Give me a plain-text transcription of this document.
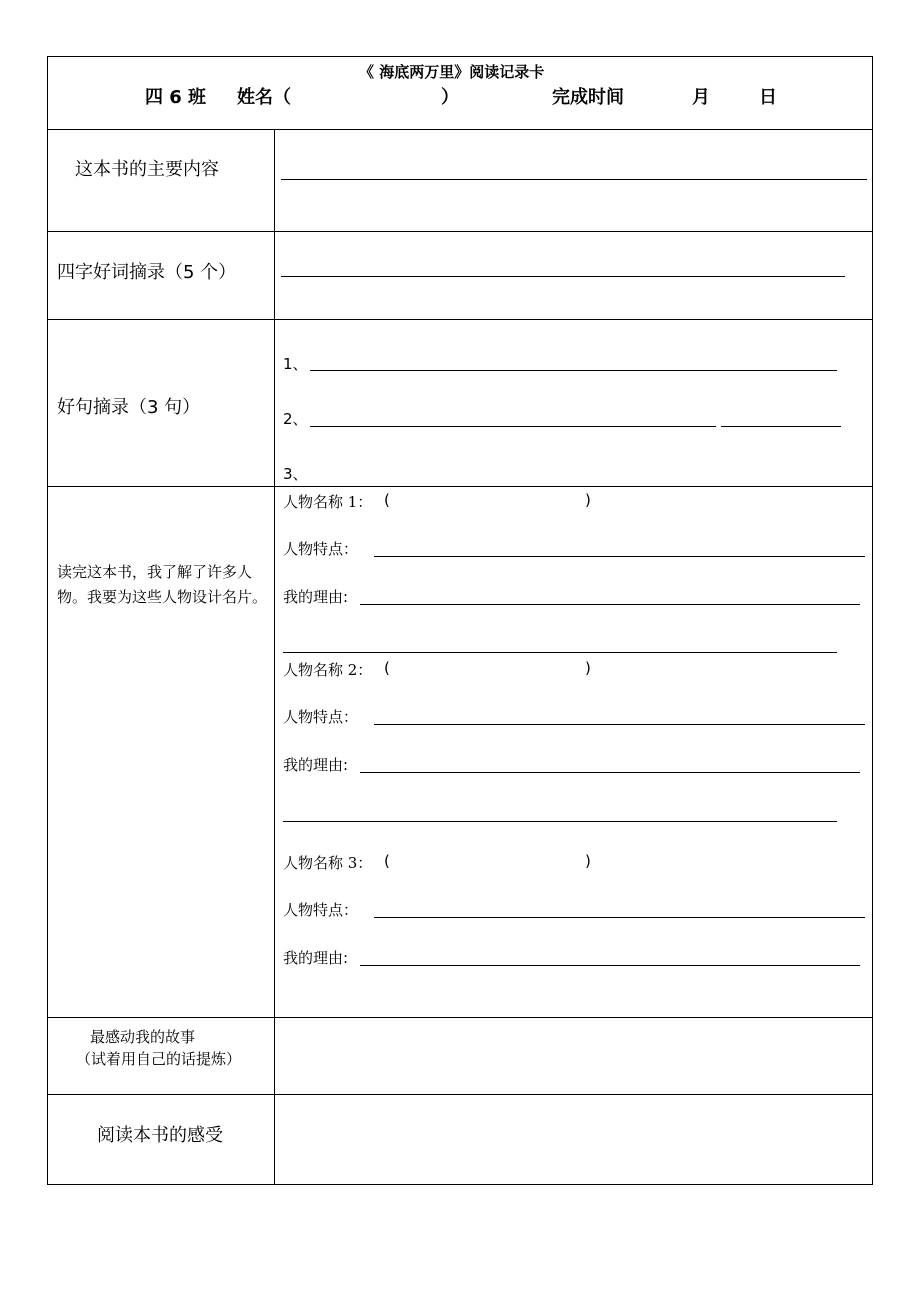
《 海底两万里》阅读记录卡
四 6 班 姓名（	）	完成时间	月	日
这本书的主要内容
四字好词摘录（5 个）
好句摘录（3 句）
1、
2、
3、
读完这本书，我了解了许多人
物。我要为这些人物设计名片。
人物名称 1： (	)
人物特点：
我的理由:
人物名称 2： (	)
人物特点：
我的理由:
人物名称 3： (	)
人物特点：
我的理由:
最感动我的故事
（试着用自己的话提炼）
阅读本书的感受
